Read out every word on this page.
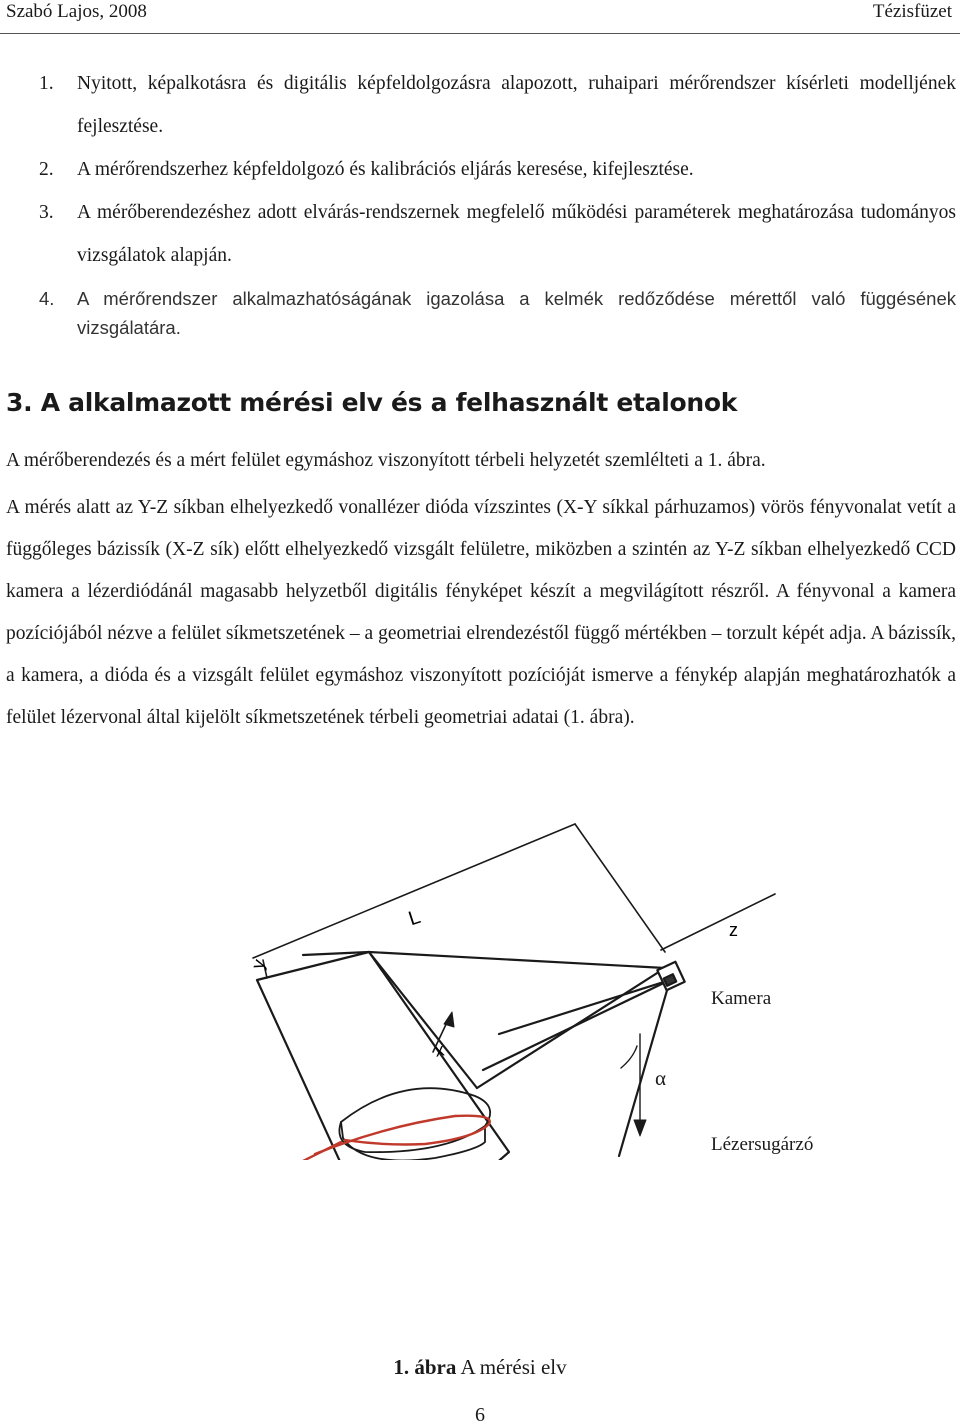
Szabó Lajos, 2008	Tézisfüzet
1. Nyitott, képalkotásra és digitális képfeldolgozásra alapozott, ruhaipari mérőrendszer kísérleti modelljének fejlesztése.
2. A mérőrendszerhez képfeldolgozó és kalibrációs eljárás keresése, kifejlesztése.
3. A mérőberendezéshez adott elvárás-rendszernek megfelelő működési paraméterek meghatározása tudományos vizsgálatok alapján.
4. A mérőrendszer alkalmazhatóságának igazolása a kelmék redőződése mérettől való függésének vizsgálatára.
3. A alkalmazott mérési elv és a felhasznált etalonok
A mérőberendezés és a mért felület egymáshoz viszonyított térbeli helyzetét szemlélteti a 1. ábra.
A mérés alatt az Y-Z síkban elhelyezkedő vonallézer dióda vízszintes (X-Y síkkal párhuzamos) vörös fényvonalat vetít a függőleges bázissík (X-Z sík) előtt elhelyezkedő vizsgált felületre, miközben a szintén az Y-Z síkban elhelyezkedő CCD kamera a lézerdiódánál magasabb helyzetből digitális fényképet készít a megvilágított részről. A fényvonal a kamera pozíciójából nézve a felület síkmetszetének – a geometriai elrendezéstől függő mértékben – torzult képét adja. A bázissík, a kamera, a dióda és a vizsgált felület egymáshoz viszonyított pozícióját ismerve a fénykép alapján meghatározhatók a felület lézervonal által kijelölt síkmetszetének térbeli geometriai adatai (1. ábra).
y
x
z
L
Kamera
α
Lézersugárzó
1. ábra A mérési elv
6
